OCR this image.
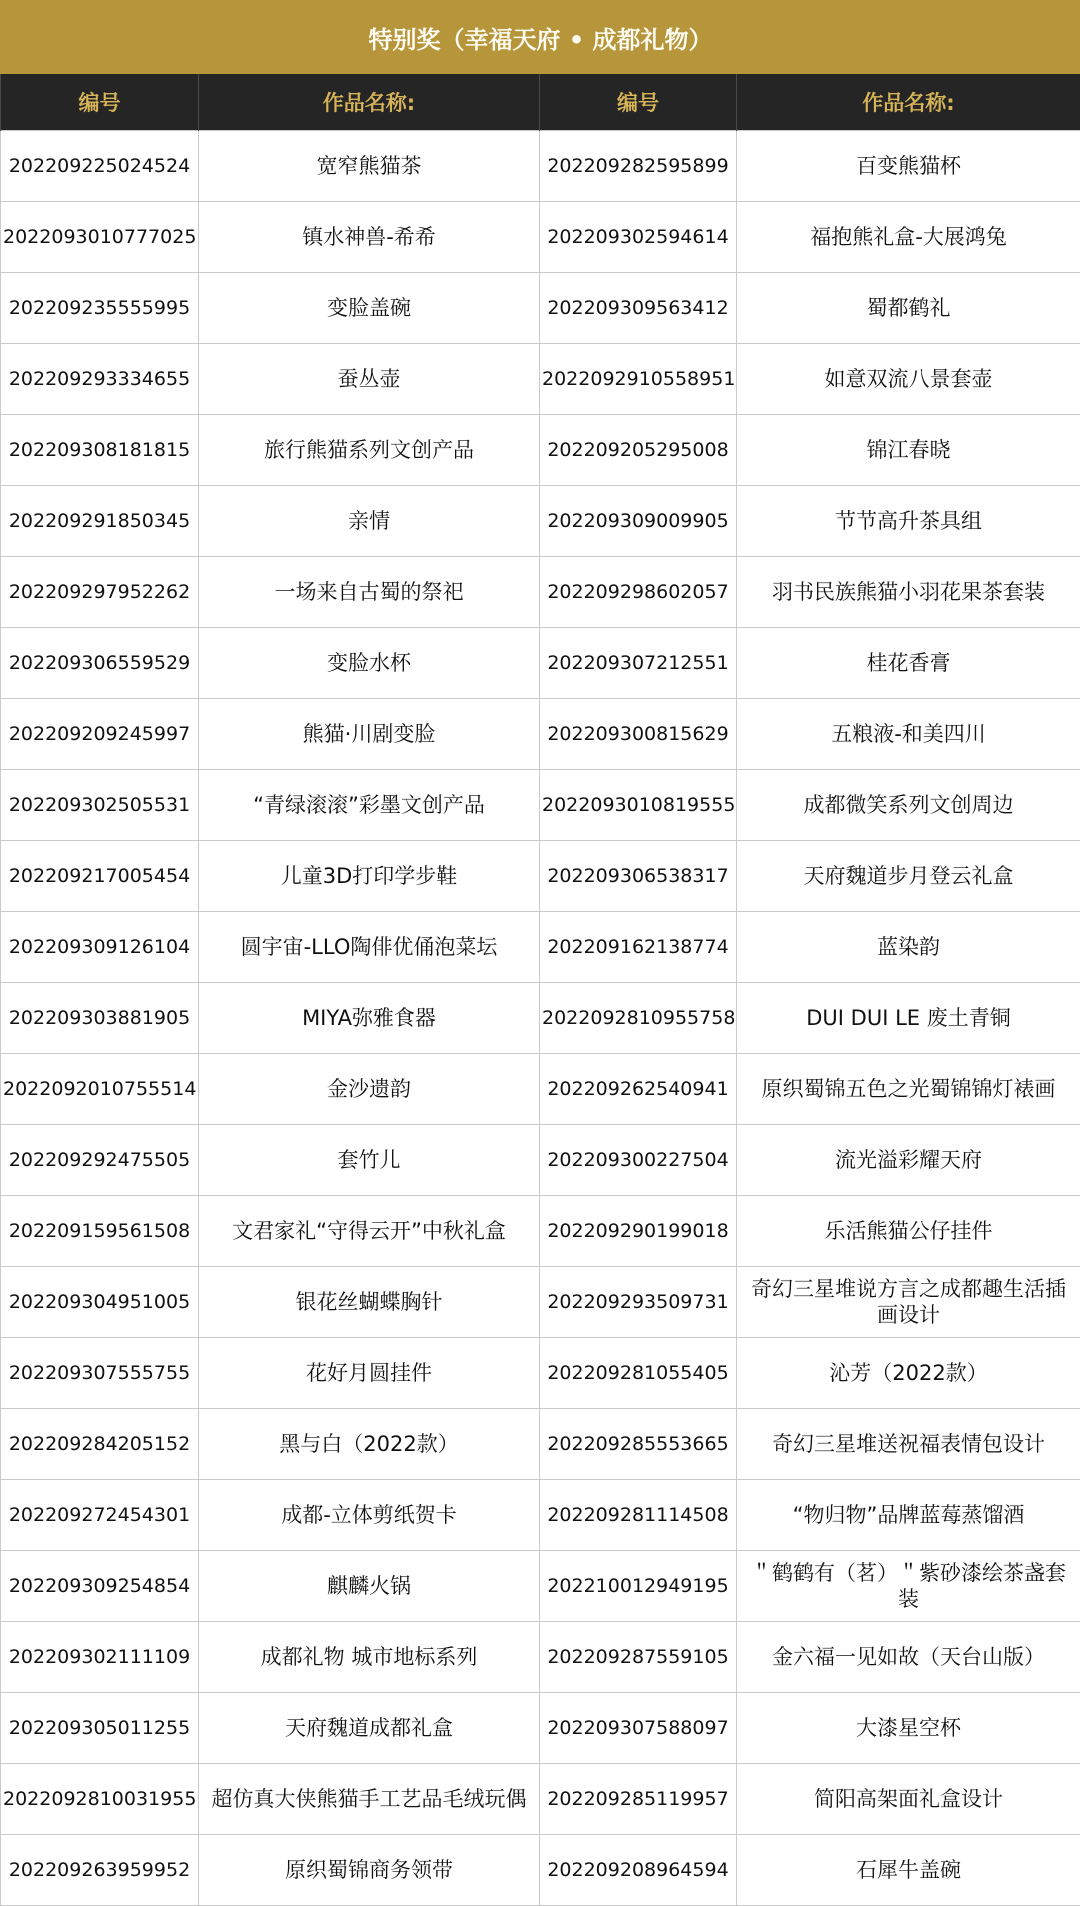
特别奖（幸福天府 • 成都礼物）			
编号	作品名称:	编号	作品名称:
202209225024524	宽窄熊猫茶	202209282595899	百变熊猫杯
2022093010777025	镇水神兽-希希	202209302594614	福抱熊礼盒-大展鸿兔
202209235555995	变脸盖碗	202209309563412	蜀都鹤礼
202209293334655	蚕丛壶	2022092910558951	如意双流八景套壶
202209308181815	旅行熊猫系列文创产品	202209205295008	锦江春晓
202209291850345	亲情	202209309009905	节节高升茶具组
202209297952262	一场来自古蜀的祭祀	202209298602057	羽书民族熊猫小羽花果茶套装
202209306559529	变脸水杯	202209307212551	桂花香膏
202209209245997	熊猫·川剧变脸	202209300815629	五粮液-和美四川
202209302505531	“青绿滚滚”彩墨文创产品	2022093010819555	成都微笑系列文创周边
202209217005454	儿童3D打印学步鞋	202209306538317	天府魏道步月登云礼盒
202209309126104	圆宇宙-LLO陶俳优俑泡菜坛	202209162138774	蓝染韵
202209303881905	MIYA弥雅食器	2022092810955758	DUI DUI LE 废土青铜
2022092010755514	金沙遗韵	202209262540941	原织蜀锦五色之光蜀锦锦灯裱画
202209292475505	套竹儿	202209300227504	流光溢彩耀天府
202209159561508	文君家礼“守得云开”中秋礼盒	202209290199018	乐活熊猫公仔挂件
202209304951005	银花丝蝴蝶胸针	202209293509731	奇幻三星堆说方言之成都趣生活插画设计
202209307555755	花好月圆挂件	202209281055405	沁芳（2022款）
202209284205152	黑与白（2022款）	202209285553665	奇幻三星堆送祝福表情包设计
202209272454301	成都-立体剪纸贺卡	202209281114508	“物归物”品牌蓝莓蒸馏酒
202209309254854	麒麟火锅	202210012949195	＂鹤鹤有（茗）＂紫砂漆绘茶盏套装
202209302111109	成都礼物 城市地标系列	202209287559105	金六福一见如故（天台山版）
202209305011255	天府魏道成都礼盒	202209307588097	大漆星空杯
2022092810031955	超仿真大侠熊猫手工艺品毛绒玩偶	202209285119957	简阳高架面礼盒设计
202209263959952	原织蜀锦商务领带	202209208964594	石犀牛盖碗
